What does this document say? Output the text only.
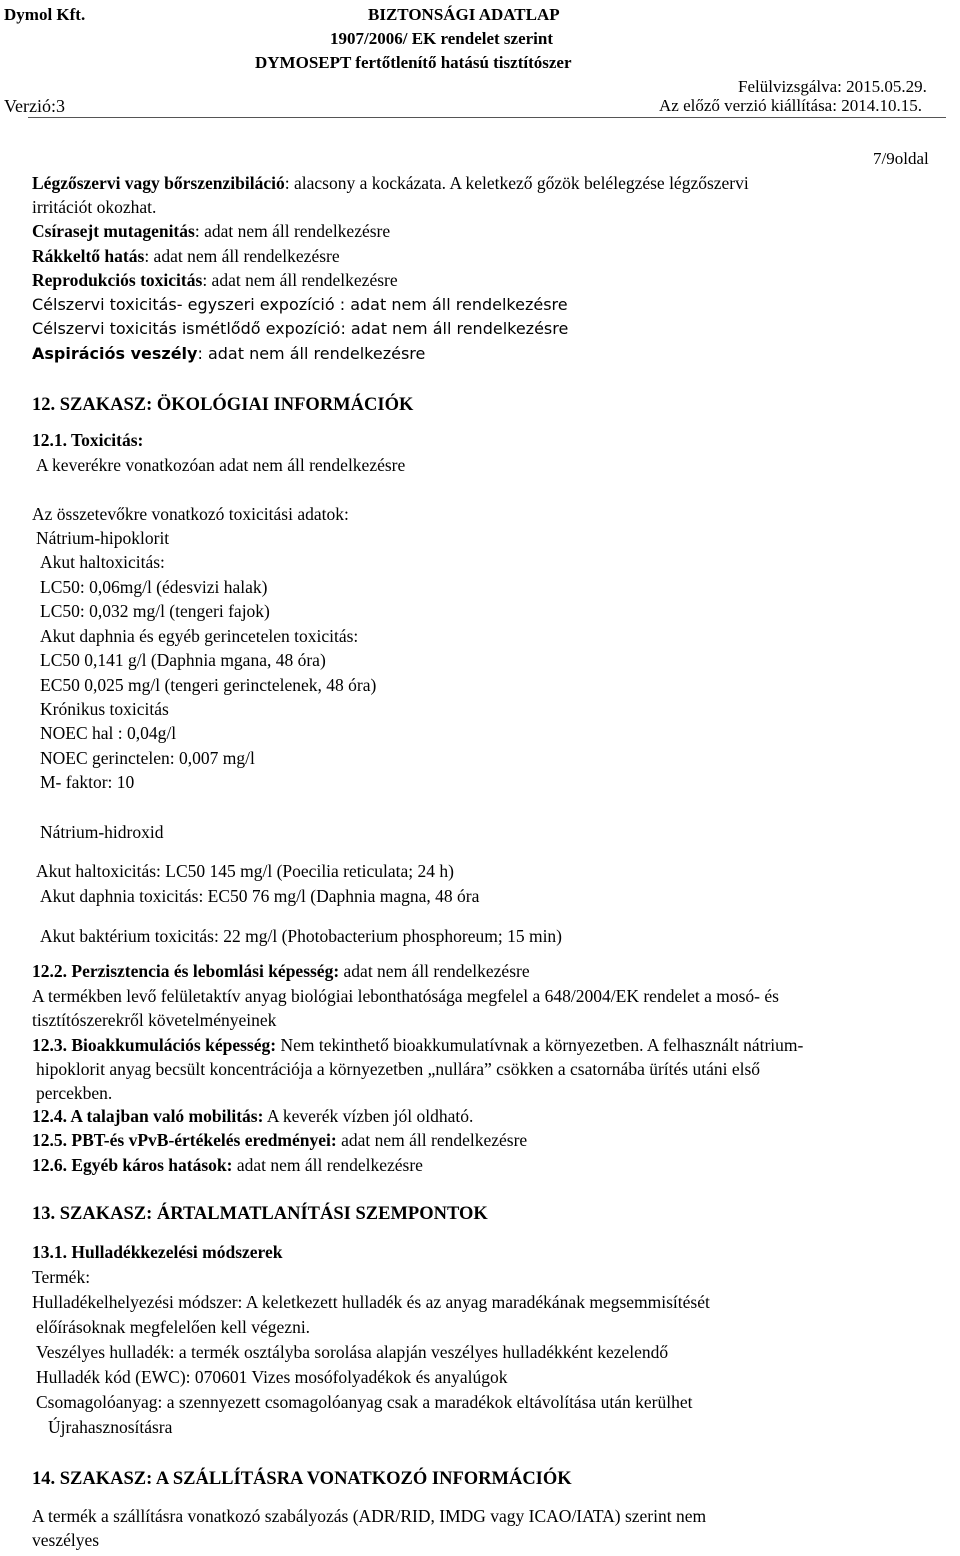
Dymol Kft.	BIZTONSÁGI ADATLAP
1907/2006/ EK rendelet szerint
DYMOSEPT fertőtlenítő hatású tisztítószer
Felülvizsgálva: 2015.05.29.
Az előző verzió kiállítása: 2014.10.15.
Verzió:3
7/9oldal
Légzőszervi vagy bőrszenzibiláció: alacsony a kockázata. A keletkező gőzök belélegzése légzőszervi
irritációt okozhat.
Csírasejt mutagenitás: adat nem áll rendelkezésre
Rákkeltő hatás: adat nem áll rendelkezésre
Reprodukciós toxicitás: adat nem áll rendelkezésre
Célszervi toxicitás- egyszeri expozíció : adat nem áll rendelkezésre
Célszervi toxicitás ismétlődő expozíció: adat nem áll rendelkezésre
Aspirációs veszély: adat nem áll rendelkezésre
12. SZAKASZ: ÖKOLÓGIAI INFORMÁCIÓK
12.1. Toxicitás:
A keverékre vonatkozóan adat nem áll rendelkezésre
Az összetevőkre vonatkozó toxicitási adatok:
Nátrium-hipoklorit
Akut haltoxicitás:
LC50: 0,06mg/l (édesvizi halak)
LC50: 0,032 mg/l (tengeri fajok)
Akut daphnia és egyéb gerincetelen toxicitás:
LC50 0,141 g/l (Daphnia mgana, 48 óra)
EC50 0,025 mg/l (tengeri gerinctelenek, 48 óra)
Krónikus toxicitás
NOEC hal : 0,04g/l
NOEC gerinctelen: 0,007 mg/l
M- faktor: 10
Nátrium-hidroxid
Akut haltoxicitás: LC50 145 mg/l (Poecilia reticulata; 24 h)
Akut daphnia toxicitás: EC50 76 mg/l (Daphnia magna, 48 óra
Akut baktérium toxicitás: 22 mg/l (Photobacterium phosphoreum; 15 min)
12.2. Perzisztencia és lebomlási képesség: adat nem áll rendelkezésre
A termékben levő felületaktív anyag biológiai lebonthatósága megfelel a 648/2004/EK rendelet a mosó- és
tisztítószerekről követelményeinek
12.3. Bioakkumulációs képesség: Nem tekinthető bioakkumulatívnak a környezetben. A felhasznált nátrium-
hipoklorit anyag becsült koncentrációja a környezetben „nullára” csökken a csatornába ürítés utáni első
percekben.
12.4. A talajban való mobilitás: A keverék vízben jól oldható.
12.5. PBT-és vPvB-értékelés eredményei: adat nem áll rendelkezésre
12.6. Egyéb káros hatások: adat nem áll rendelkezésre
13. SZAKASZ: ÁRTALMATLANÍTÁSI SZEMPONTOK
13.1. Hulladékkezelési módszerek
Termék:
Hulladékelhelyezési módszer: A keletkezett hulladék és az anyag maradékának megsemmisítését
előírásoknak megfelelően kell végezni.
Veszélyes hulladék: a termék osztályba sorolása alapján veszélyes hulladékként kezelendő
Hulladék kód (EWC): 070601 Vizes mosófolyadékok és anyalúgok
Csomagolóanyag: a szennyezett csomagolóanyag csak a maradékok eltávolítása után kerülhet
Újrahasznosításra
14. SZAKASZ: A SZÁLLÍTÁSRA VONATKOZÓ INFORMÁCIÓK
A termék a szállításra vonatkozó szabályozás (ADR/RID, IMDG vagy ICAO/IATA) szerint nem
veszélyes
